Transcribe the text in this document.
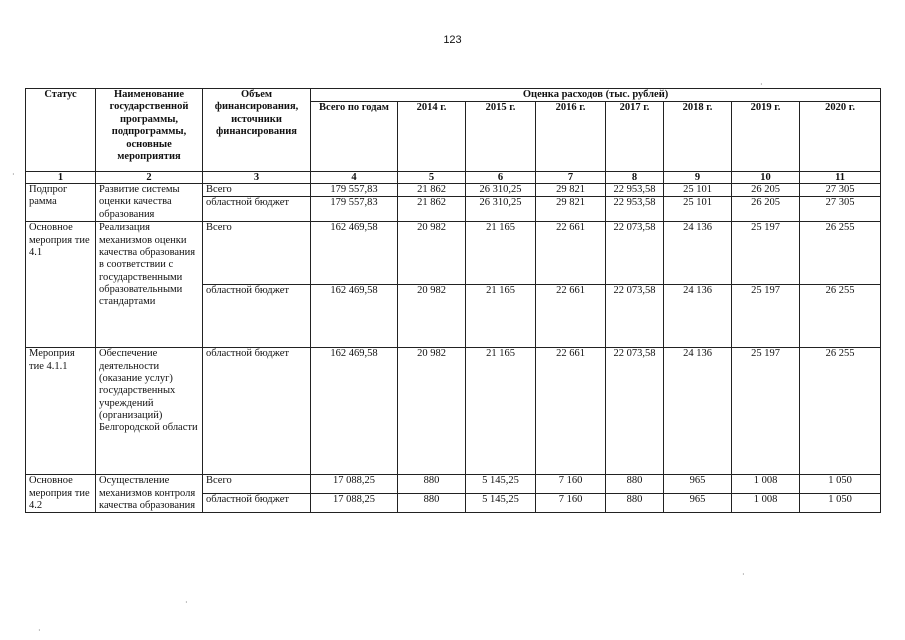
123
Статус	Наименование государственной программы, подпрограммы, основные мероприятия	Объем финансирования, источники финансирования	Оценка расходов (тыс. рублей)							
			Всего по годам	2014 г.	2015 г.	2016 г.	2017 г.	2018 г.	2019 г.	2020 г.
1	2	3	4	5	6	7	8	9	10	11
Подпрог рамма	Развитие системы оценки качества образования	Всего	179 557,83	21 862	26 310,25	29 821	22 953,58	25 101	26 205	27 305
		областной бюджет	179 557,83	21 862	26 310,25	29 821	22 953,58	25 101	26 205	27 305

Основное мероприя тие 4.1	Реализация механизмов оценки качества образования в соответствии с государственными образовательными стандартами	Всего	162 469,58	20 982	21 165	22 661	22 073,58	24 136	25 197	26 255
		областной бюджет	162 469,58	20 982	21 165	22 661	22 073,58	24 136	25 197	26 255
Мероприя тие 4.1.1	Обеспечение деятельности (оказание услуг) государственных учреждений (организаций) Белгородской области	областной бюджет	162 469,58	20 982	21 165	22 661	22 073,58	24 136	25 197	26 255
Основное мероприя тие 4.2	Осуществление механизмов контроля качества образования	Всего	17 088,25	880	5 145,25	7 160	880	965	1 008	1 050
		областной бюджет	17 088,25	880	5 145,25	7 160	880	965	1 008	1 050
·
·
·
·
·
